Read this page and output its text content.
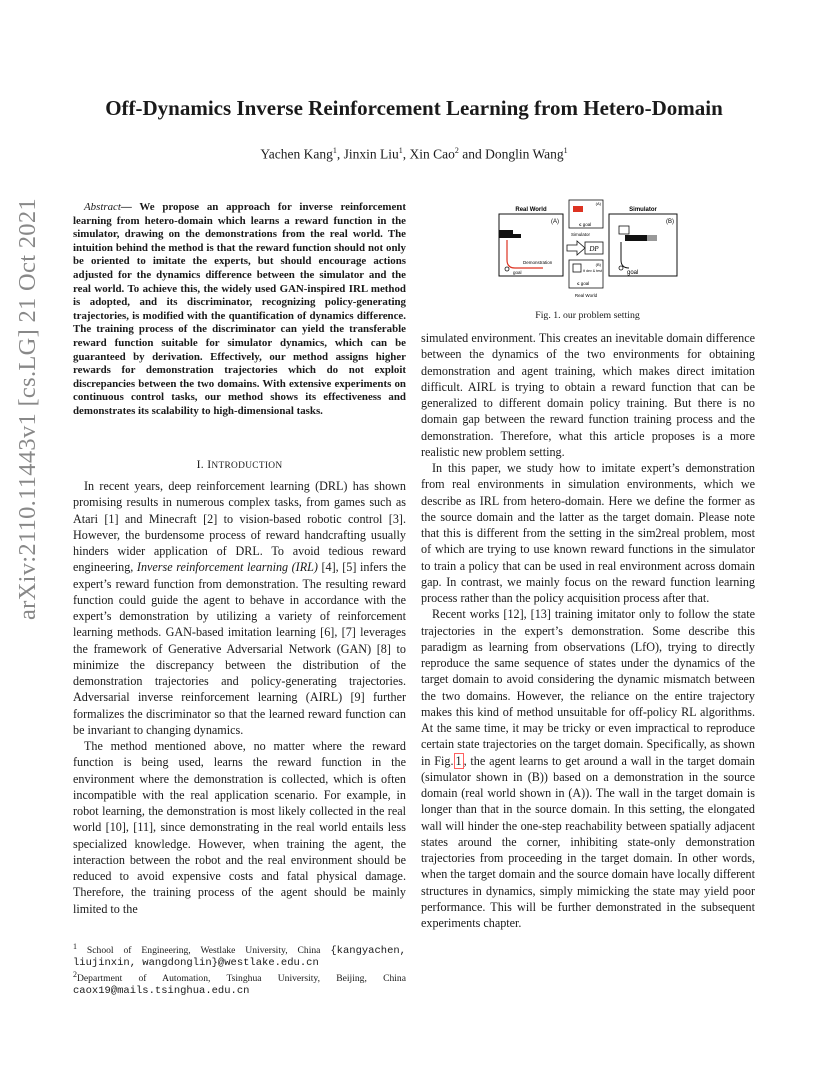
arXiv:2110.11443v1 [cs.LG] 21 Oct 2021
Off-Dynamics Inverse Reinforcement Learning from Hetero-Domain
Yachen Kang$^1$, Jinxin Liu$^1$, Xin Cao$^2$ and Donglin Wang$^1$
Abstract— We propose an approach for inverse reinforcement learning from hetero-domain which learns a reward function in the simulator, drawing on the demonstrations from the real world. The intuition behind the method is that the reward function should not only be oriented to imitate the experts, but should encourage actions adjusted for the dynamics difference between the simulator and the real world. To achieve this, the widely used GAN-inspired IRL method is adopted, and its discriminator, recognizing policy-generating trajectories, is modified with the quantification of dynamics difference. The training process of the discriminator can yield the transferable reward function suitable for simulator dynamics, which can be guaranteed by derivation. Effectively, our method assigns higher rewards for demonstration trajectories which do not exploit discrepancies between the two domains. With extensive experiments on continuous control tasks, our method shows its effectiveness and demonstrates its scalability to high-dimensional tasks.
I. INTRODUCTION

In recent years, deep reinforcement learning (DRL) has shown promising results in numerous complex tasks, from games such as Atari [1] and Minecraft [2] to vision-based robotic control [3]. However, the burdensome process of reward handcrafting usually hinders wider application of DRL. To avoid tedious reward engineering, Inverse reinforcement learning (IRL) [4], [5] infers the expert’s reward function from demonstration. The resulting reward function could guide the agent to behave in accordance with the expert’s demonstration by utilizing a variety of reinforcement learning methods. GAN-based imitation learning [6], [7] leverages the framework of Generative Adversarial Network (GAN) [8] to minimize the discrepancy between the distribution of the demonstration trajectories and policy-generating trajectories. Adversarial inverse reinforcement learning (AIRL) [9] further formalizes the discriminator so that the learned reward function can be invariant to changing dynamics.

The method mentioned above, no matter where the reward function is being used, learns the reward function in the environment where the demonstration is collected, which is often incompatible with the real application scenario. For example, in robot learning, the demonstration is most likely collected in the real world [10], [11], since demonstrating in the real world entails less specialized knowledge. However, when training the agent, the interaction between the robot and the real environment should be reduced to avoid expensive costs and fatal physical damage. Therefore, the training process of the agent should be mainly limited to the

$^1$ School of Engineering, Westlake University, China {kangyachen, liujinxin, wangdonglin}@westlake.edu.cn
$^2$Department of Automation, Tsinghua University, Beijing, China caox19@mails.tsinghua.edu.cn
Real World
(A)
goal
Demonstration
(A)
≤ goal
Simulator
DP
(B)
θ dev & test
≤ goal
Real World
Simulator
(B)
goal
Fig. 1. our problem setting

simulated environment. This creates an inevitable domain difference between the dynamics of the two environments for obtaining demonstration and agent training, which makes direct imitation difficult. AIRL is trying to obtain a reward function that can be generalized to different domain policy training. But there is no domain gap between the reward function training process and the demonstration. Therefore, what this article proposes is a more realistic new problem setting.

In this paper, we study how to imitate expert’s demonstration from real environments in simulation environments, which we describe as IRL from hetero-domain. Here we define the former as the source domain and the latter as the target domain. Please note that this is different from the setting in the sim2real problem, most of which are trying to use known reward functions in the simulator to train a policy that can be used in real environment across domain gap. In contrast, we mainly focus on the reward function learning process rather than the policy acquisition process after that.

Recent works [12], [13] training imitator only to follow the state trajectories in the expert’s demonstration. Some describe this paradigm as learning from observations (LfO), trying to directly reproduce the same sequence of states under the dynamics of the target domain to avoid considering the dynamic mismatch between the two domains. However, the reliance on the entire trajectory makes this kind of method unsuitable for off-policy RL algorithms. At the same time, it may be tricky or even impractical to reproduce certain state trajectories on the target domain. Specifically, as shown in Fig. 1 , the agent learns to get around a wall in the target domain (simulator shown in (B)) based on a demonstration in the source domain (real world shown in (A)). The wall in the target domain is longer than that in the source domain. In this setting, the elongated wall will hinder the one-step reachability between spatially adjacent states around the corner, inhibiting state-only demonstration trajectories from proceeding in the target domain. In other words, when the target domain and the source domain have locally different structures in dynamics, simply mimicking the state may yield poor performance. This will be further demonstrated in the subsequent experiments chapter.
